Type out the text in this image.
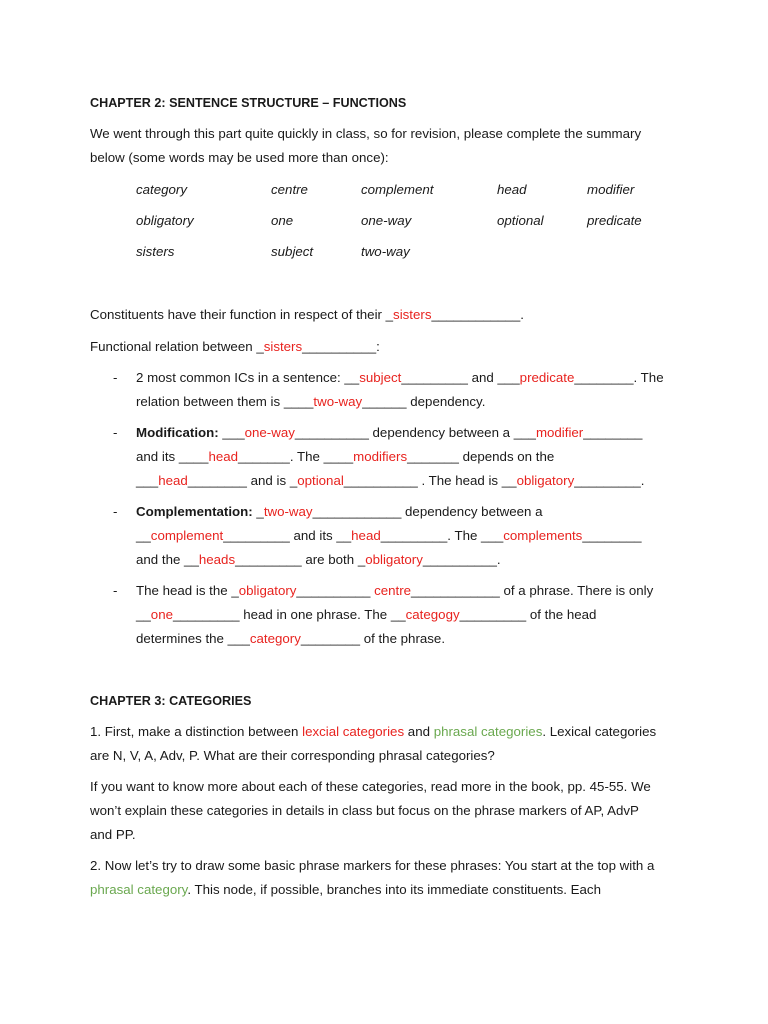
CHAPTER 2: SENTENCE STRUCTURE – FUNCTIONS
We went through this part quite quickly in class, so for revision, please complete the summary
below (some words may be used more than once):
category	centre	complement	head	modifier
obligatory	one	one-way	optional	predicate
sisters	subject	two-way
Constituents have their function in respect of their _sisters____________.
Functional relation between _sisters__________:
- 2 most common ICs in a sentence: __subject_________ and ___predicate________. The
relation between them is ____two-way______ dependency.
- Modification: ___one-way__________ dependency between a ___modifier________
and its ____head_______. The ____modifiers_______ depends on the
___head________ and is _optional__________ . The head is __obligatory_________.
- Complementation: _two-way____________ dependency between a
__complement_________ and its __head_________. The ___complements________
and the __heads_________ are both _obligatory__________.
- The head is the _obligatory__________ centre____________ of a phrase. There is only
__one_________ head in one phrase. The __categogy_________ of the head
determines the ___category________ of the phrase.
CHAPTER 3: CATEGORIES
1. First, make a distinction between lexcial categories and phrasal categories. Lexical categories
are N, V, A, Adv, P. What are their corresponding phrasal categories?
If you want to know more about each of these categories, read more in the book, pp. 45-55. We
won’t explain these categories in details in class but focus on the phrase markers of AP, AdvP
and PP.
2. Now let’s try to draw some basic phrase markers for these phrases: You start at the top with a
phrasal category. This node, if possible, branches into its immediate constituents. Each
